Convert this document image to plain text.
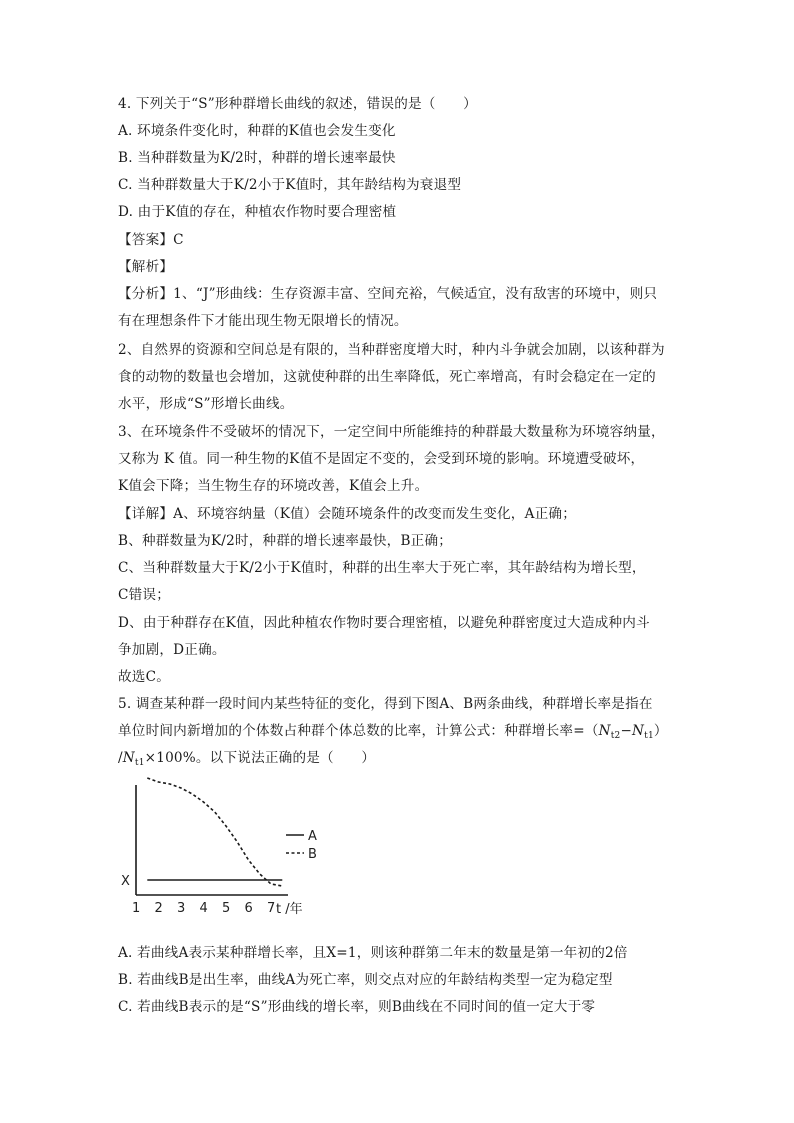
4. 下列关于“S”形种群增长曲线的叙述，错误的是（　　）
A. 环境条件变化时，种群的K值也会发生变化
B. 当种群数量为K/2时，种群的增长速率最快
C. 当种群数量大于K/2小于K值时，其年龄结构为衰退型
D. 由于K值的存在，种植农作物时要合理密植
【答案】C
【解析】
【分析】1、“J”形曲线：生存资源丰富、空间充裕，气候适宜，没有敌害的环境中，则只
有在理想条件下才能出现生物无限增长的情况。
2、自然界的资源和空间总是有限的，当种群密度增大时，种内斗争就会加剧，以该种群为
食的动物的数量也会增加，这就使种群的出生率降低，死亡率增高，有时会稳定在一定的
水平，形成“S”形增长曲线。
3、在环境条件不受破坏的情况下，一定空间中所能维持的种群最大数量称为环境容纳量，
又称为 K 值。同一种生物的K值不是固定不变的，会受到环境的影响。环境遭受破坏，
K值会下降；当生物生存的环境改善，K值会上升。
【详解】A、环境容纳量（K值）会随环境条件的改变而发生变化，A正确；
B、种群数量为K/2时，种群的增长速率最快，B正确；
C、当种群数量大于K/2小于K值时，种群的出生率大于死亡率，其年龄结构为增长型，
C错误；
D、由于种群存在K值，因此种植农作物时要合理密植，以避免种群密度过大造成种内斗
争加剧，D正确。
故选C。
5. 调查某种群一段时间内某些特征的变化，得到下图A、B两条曲线，种群增长率是指在
单位时间内新增加的个体数占种群个体总数的比率，计算公式：种群增长率$=(N_{t2}-N_{t1})$
$/N_{t1}\times 100\%$。以下说法正确的是（　　）
1 2 3 4 5 6 7 t /年
X
A
B
A. 若曲线A表示某种群增长率，且X=1，则该种群第二年末的数量是第一年初的2倍
B. 若曲线B是出生率，曲线A为死亡率，则交点对应的年龄结构类型一定为稳定型
C. 若曲线B表示的是“S”形曲线的增长率，则B曲线在不同时间的值一定大于零
